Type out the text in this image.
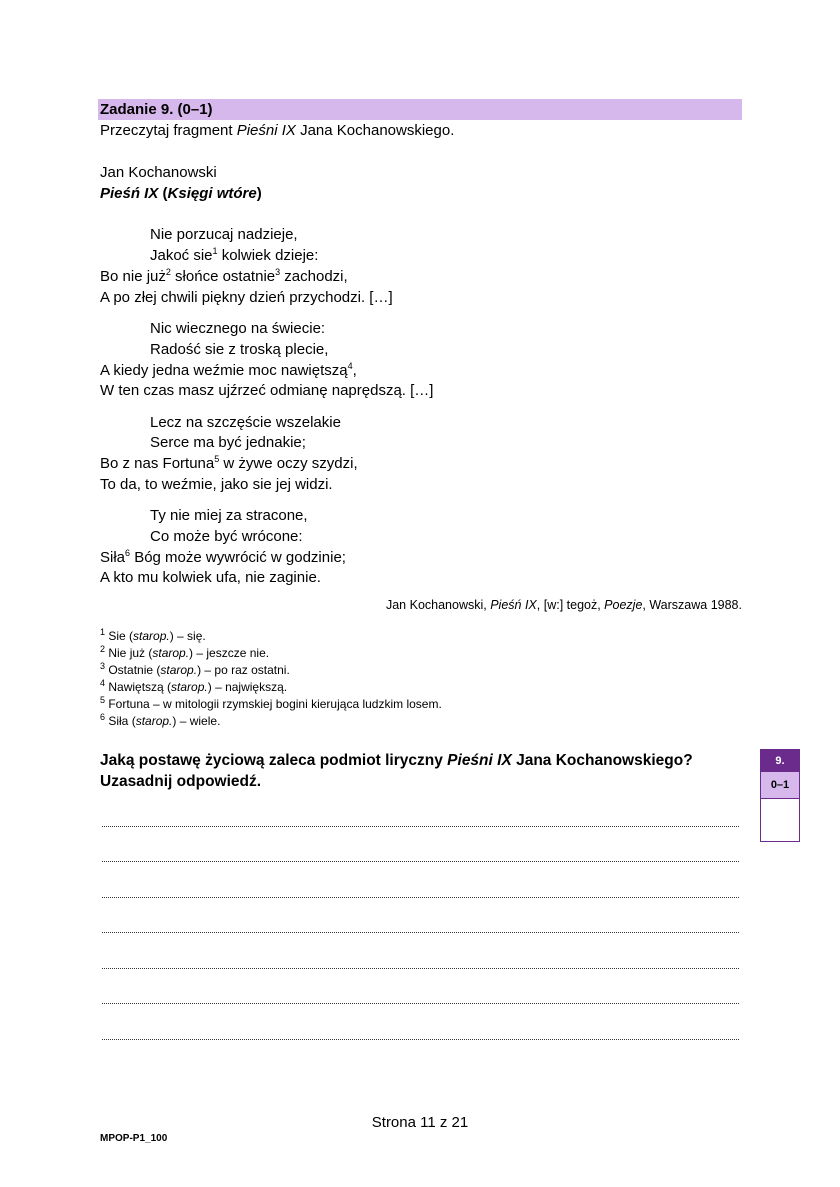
Zadanie 9. (0–1)
Przeczytaj fragment Pieśni IX Jana Kochanowskiego.
Jan Kochanowski
Pieśń IX (Księgi wtóre)
Nie porzucaj nadzieje,
Jakoć sie$^1$ kolwiek dzieje:
Bo nie już$^2$ słońce ostatnie$^3$ zachodzi,
A po złej chwili piękny dzień przychodzi. […]
Nic wiecznego na świecie:
Radość sie z troską plecie,
A kiedy jedna weźmie moc nawiętszą$^4$,
W ten czas masz ujźrzeć odmianę naprędszą. […]
Lecz na szczęście wszelakie
Serce ma być jednakie;
Bo z nas Fortuna$^5$ w żywe oczy szydzi,
To da, to weźmie, jako sie jej widzi.
Ty nie miej za stracone,
Co może być wrócone:
Siła$^6$ Bóg może wywrócić w godzinie;
A kto mu kolwiek ufa, nie zaginie.
Jan Kochanowski, Pieśń IX, [w:] tegoż, Poezje, Warszawa 1988.
$^1$ Sie (starop.) – się.
$^2$ Nie już (starop.) – jeszcze nie.
$^3$ Ostatnie (starop.) – po raz ostatni.
$^4$ Nawiętszą (starop.) – największą.
$^5$ Fortuna – w mitologii rzymskiej bogini kierująca ludzkim losem.
$^6$ Siła (starop.) – wiele.
Jaką postawę życiową zaleca podmiot liryczny Pieśni IX Jana Kochanowskiego? Uzasadnij odpowiedź.
9.
0–1
Strona 11 z 21
MPOP-P1_100
